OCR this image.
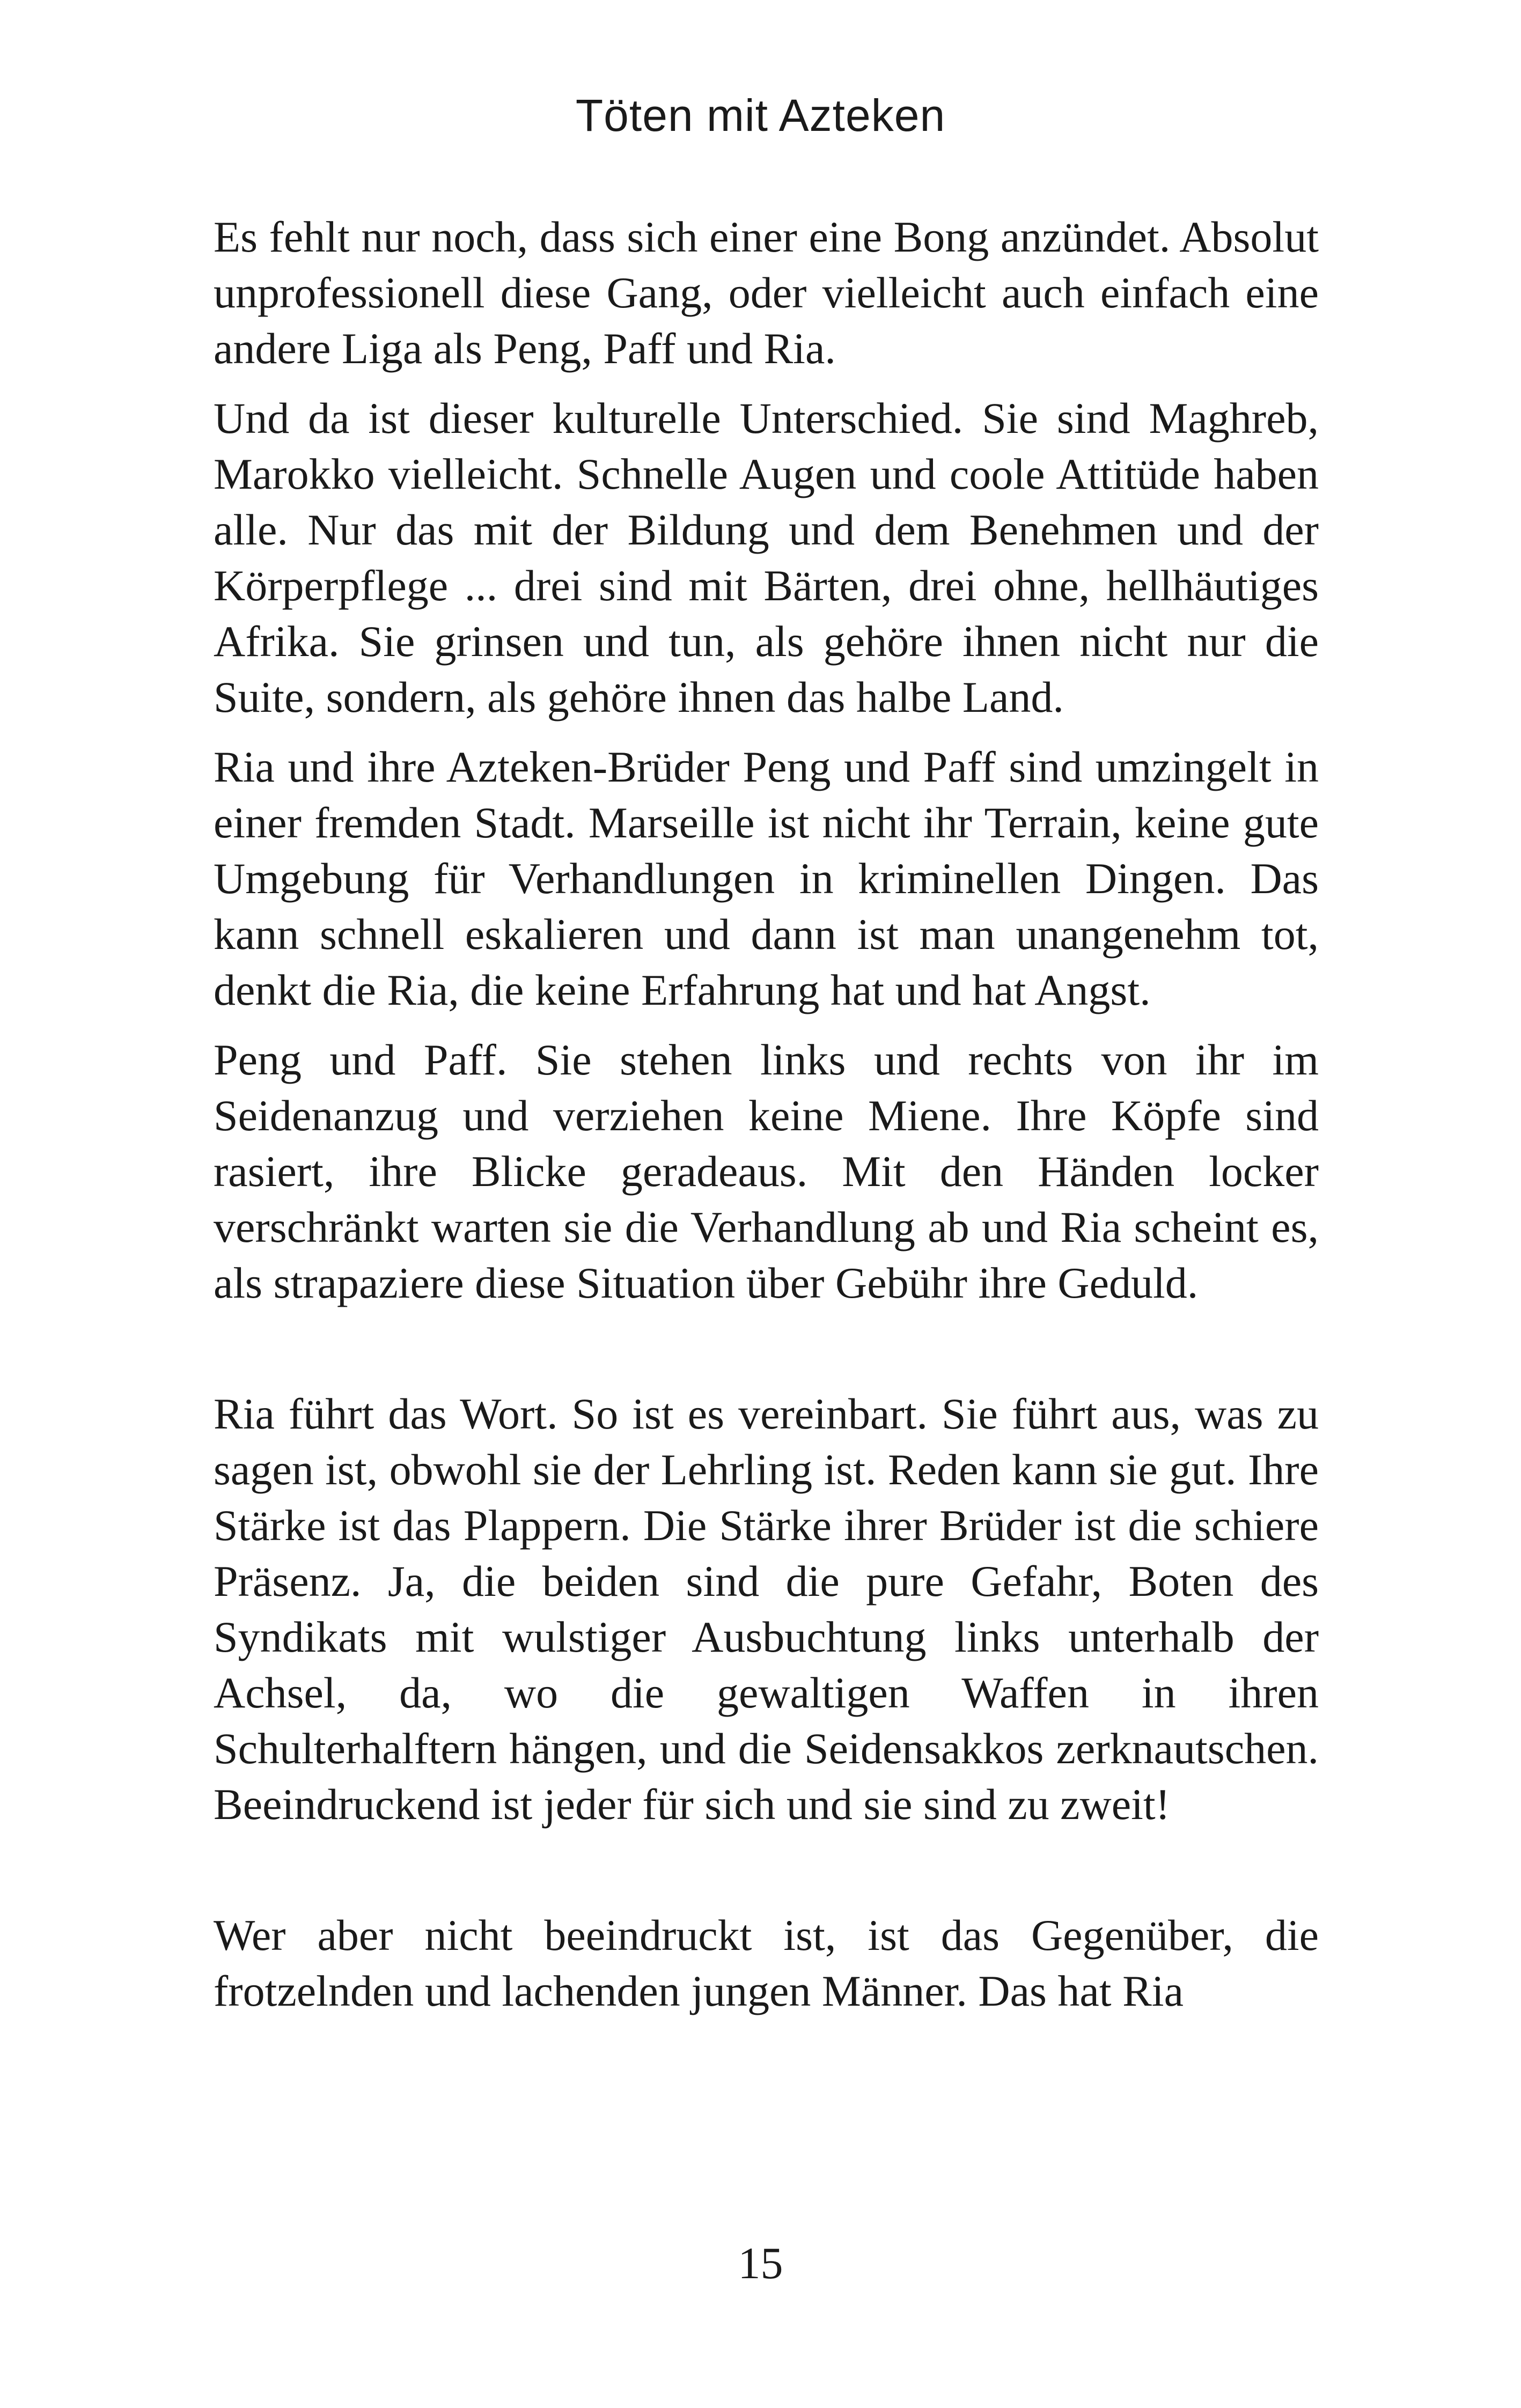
Töten mit Azteken

Es fehlt nur noch, dass sich einer eine Bong anzündet. Absolut unprofessionell diese Gang, oder vielleicht auch einfach eine andere Liga als Peng, Paff und Ria.

Und da ist dieser kulturelle Unterschied. Sie sind Maghreb, Marokko vielleicht. Schnelle Augen und coole Attitüde haben alle. Nur das mit der Bildung und dem Benehmen und der Körperpflege ... drei sind mit Bärten, drei ohne, hellhäutiges Afrika. Sie grinsen und tun, als gehöre ihnen nicht nur die Suite, sondern, als gehöre ihnen das halbe Land.

Ria und ihre Azteken-Brüder Peng und Paff sind umzingelt in einer fremden Stadt. Marseille ist nicht ihr Terrain, keine gute Umgebung für Verhandlungen in kriminellen Dingen. Das kann schnell eskalieren und dann ist man unangenehm tot, denkt die Ria, die keine Erfahrung hat und hat Angst.

Peng und Paff. Sie stehen links und rechts von ihr im Seidenanzug und verziehen keine Miene. Ihre Köpfe sind rasiert, ihre Blicke geradeaus. Mit den Händen locker verschränkt warten sie die Verhandlung ab und Ria scheint es, als strapaziere diese Situation über Gebühr ihre Geduld.

Ria führt das Wort. So ist es vereinbart. Sie führt aus, was zu sagen ist, obwohl sie der Lehrling ist. Reden kann sie gut. Ihre Stärke ist das Plappern. Die Stärke ihrer Brüder ist die schiere Präsenz. Ja, die beiden sind die pure Gefahr, Boten des Syndikats mit wulstiger Ausbuchtung links unterhalb der Achsel, da, wo die gewaltigen Waffen in ihren Schulterhalftern hängen, und die Seidensakkos zerknautschen. Beeindruckend ist jeder für sich und sie sind zu zweit!

Wer aber nicht beeindruckt ist, ist das Gegenüber, die frotzelnden und lachenden jungen Männer. Das hat Ria

15
